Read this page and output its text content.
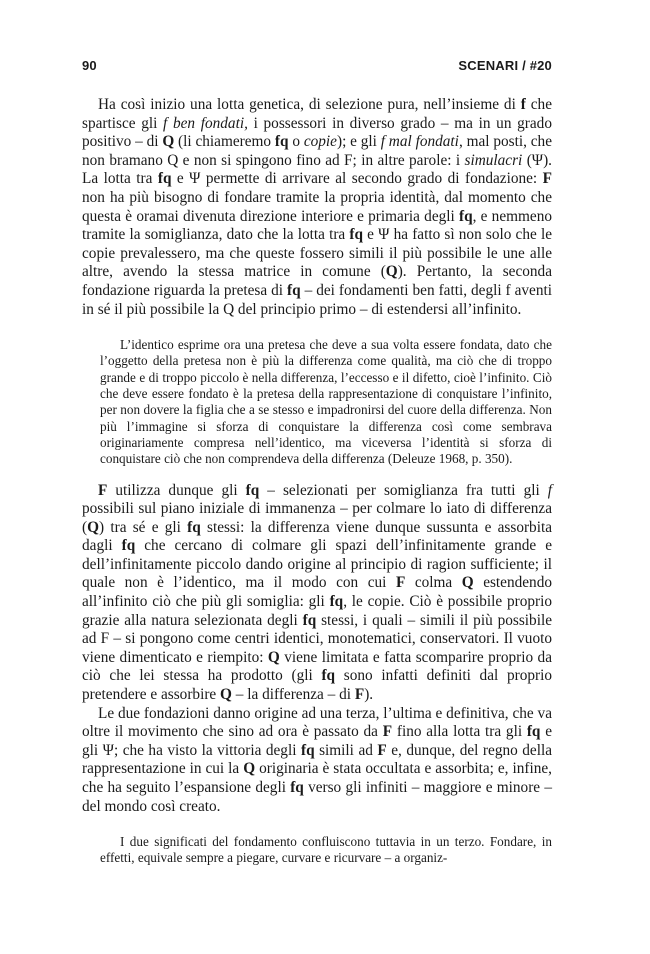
90	SCENARI / #20

Ha così inizio una lotta genetica, di selezione pura, nell’insieme di f che spartisce gli f ben fondati, i possessori in diverso grado – ma in un grado positivo – di Q (li chiameremo fq o copie); e gli f mal fondati, mal posti, che non bramano Q e non si spingono fino ad F; in altre parole: i simulacri (Ψ). La lotta tra fq e Ψ permette di arrivare al secondo grado di fondazione: F non ha più bisogno di fondare tramite la propria identità, dal momento che questa è oramai divenuta direzione interiore e primaria degli fq, e nemmeno tramite la somiglianza, dato che la lotta tra fq e Ψ ha fatto sì non solo che le copie prevalessero, ma che queste fossero simili il più possibile le une alle altre, avendo la stessa matrice in comune (Q). Pertanto, la seconda fondazione riguarda la pretesa di fq – dei fondamenti ben fatti, degli f aventi in sé il più possibile la Q del principio primo – di estendersi all’infinito.

L’identico esprime ora una pretesa che deve a sua volta essere fondata, dato che l’oggetto della pretesa non è più la differenza come qualità, ma ciò che di troppo grande e di troppo piccolo è nella differenza, l’eccesso e il difetto, cioè l’infinito. Ciò che deve essere fondato è la pretesa della rappresentazione di conquistare l’infinito, per non dovere la figlia che a se stesso e impadronirsi del cuore della differenza. Non più l’immagine si sforza di conquistare la differenza così come sembrava originariamente compresa nell’identico, ma viceversa l’identità si sforza di conquistare ciò che non comprendeva della differenza (Deleuze 1968, p. 350).

F utilizza dunque gli fq – selezionati per somiglianza fra tutti gli f possibili sul piano iniziale di immanenza – per colmare lo iato di differenza (Q) tra sé e gli fq stessi: la differenza viene dunque sussunta e assorbita dagli fq che cercano di colmare gli spazi dell’infinitamente grande e dell’infinitamente piccolo dando origine al principio di ragion sufficiente; il quale non è l’identico, ma il modo con cui F colma Q estendendo all’infinito ciò che più gli somiglia: gli fq, le copie. Ciò è possibile proprio grazie alla natura selezionata degli fq stessi, i quali – simili il più possibile ad F – si pongono come centri identici, monotematici, conservatori. Il vuoto viene dimenticato e riempito: Q viene limitata e fatta scomparire proprio da ciò che lei stessa ha prodotto (gli fq sono infatti definiti dal proprio pretendere e assorbire Q – la differenza – di F).

Le due fondazioni danno origine ad una terza, l’ultima e definitiva, che va oltre il movimento che sino ad ora è passato da F fino alla lotta tra gli fq e gli Ψ; che ha visto la vittoria degli fq simili ad F e, dunque, del regno della rappresentazione in cui la Q originaria è stata occultata e assorbita; e, infine, che ha seguito l’espansione degli fq verso gli infiniti – maggiore e minore – del mondo così creato.

I due significati del fondamento confluiscono tuttavia in un terzo. Fondare, in effetti, equivale sempre a piegare, curvare e ricurvare – a organiz-
